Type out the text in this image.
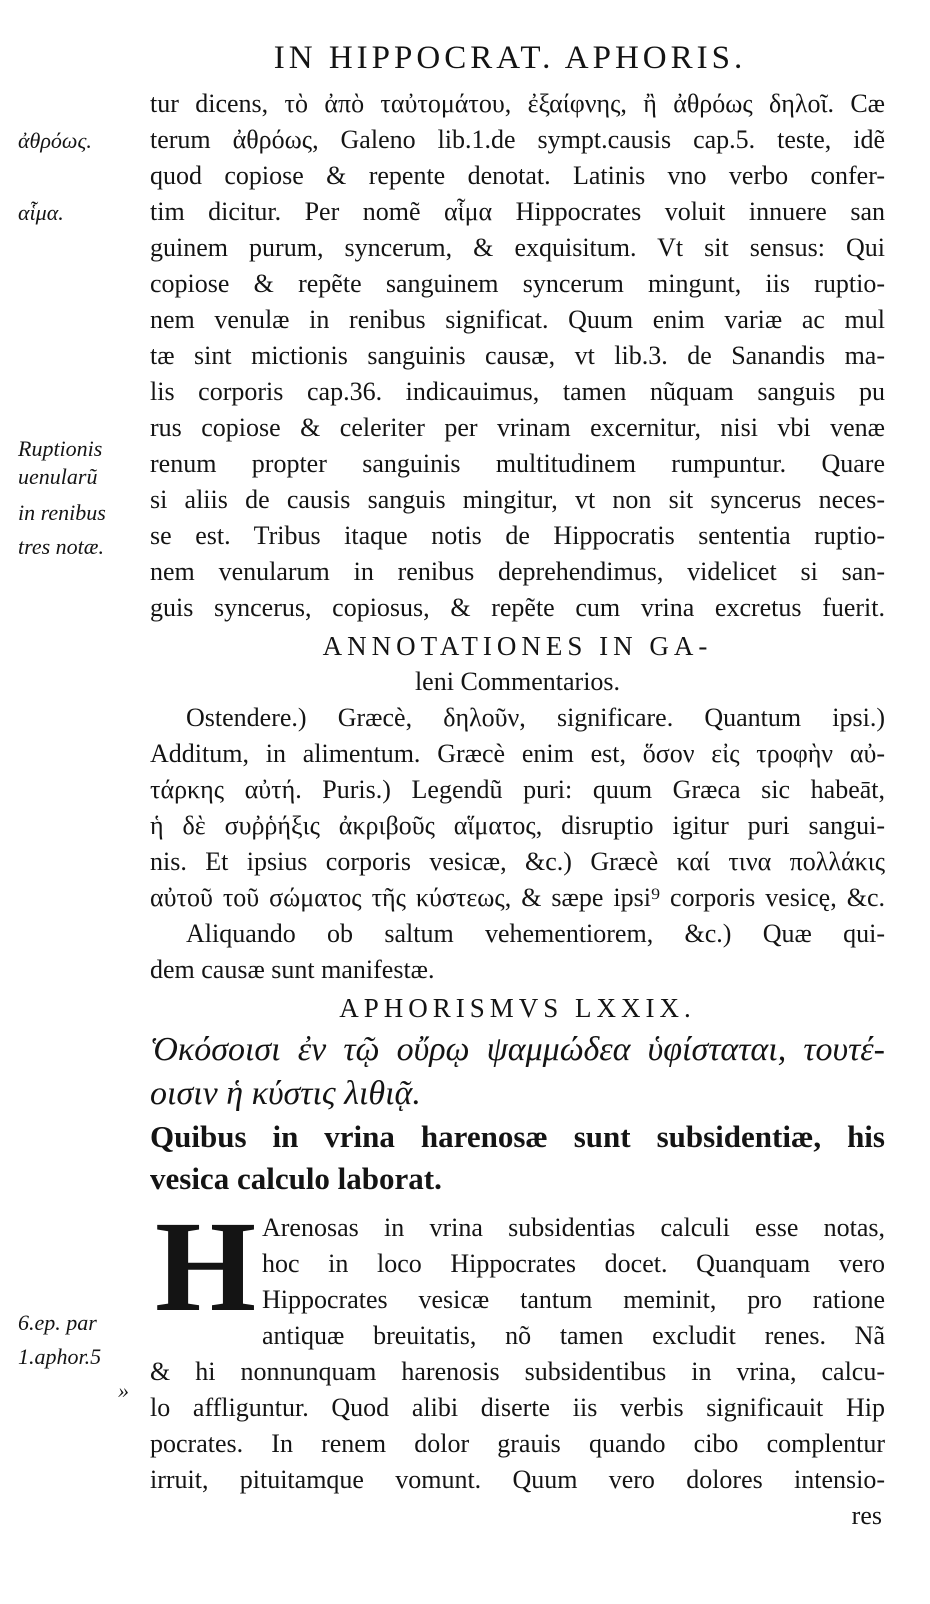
IN HIPPOCRAT. APHORIS.
ἀθρόως.
αἷμα.
Ruptionis
uenularũ
in renibus
tres notæ.
6.ep. par
1.aphor.5
»
tur dicens, τὸ ἀπὸ ταὐτομάτου, ἐξαίφνης, ἢ ἀθρόως δηλοῖ. Cæ
terum ἀθρόως, Galeno lib.1.de sympt.causis cap.5. teste, idẽ
quod copiose & repente denotat. Latinis vno verbo confer-
tim dicitur. Per nomẽ αἷμα Hippocrates voluit innuere san
guinem purum, syncerum, & exquisitum. Vt sit sensus: Qui
copiose & repẽte sanguinem syncerum mingunt, iis ruptio-
nem venulæ in renibus significat. Quum enim variæ ac mul
tæ sint mictionis sanguinis causæ, vt lib.3. de Sanandis ma-
lis corporis cap.36. indicauimus, tamen nũquam sanguis pu
rus copiose & celeriter per vrinam excernitur, nisi vbi venæ
renum propter sanguinis multitudinem rumpuntur. Quare
si aliis de causis sanguis mingitur, vt non sit syncerus neces-
se est. Tribus itaque notis de Hippocratis sententia ruptio-
nem venularum in renibus deprehendimus, videlicet si san-
guis syncerus, copiosus, & repẽte cum vrina excretus fuerit.
ANNOTATIONES IN GA-
leni Commentarios.
Ostendere.) Græcè, δηλοῦν, significare. Quantum ipsi.)
Additum, in alimentum. Græcè enim est, ὅσον εἰς τροφὴν αὐ-
τάρκης αὐτή. Puris.) Legendũ puri: quum Græca sic habeāt,
ἡ δὲ συῤῥήξις ἀκριβοῦς αἵματος, disruptio igitur puri sangui-
nis. Et ipsius corporis vesicæ, &c.) Græcè καί τινα πολλάκις
αὐτοῦ τοῦ σώματος τῆς κύστεως, & sæpe ipsi⁹ corporis vesicę, &c.
Aliquando ob saltum vehementiorem, &c.) Quæ qui-
dem causæ sunt manifestæ.
APHORISMVS LXXIX.
Ὁκόσοισι ἐν τῷ οὔρῳ ψαμμώδεα ὑφίσταται, τουτέ-
οισιν ἡ κύστις λιθιᾷ.
Quibus in vrina harenosæ sunt subsidentiæ, his
vesica calculo laborat.
H Arenosas in vrina subsidentias calculi esse notas,
hoc in loco Hippocrates docet. Quanquam vero
Hippocrates vesicæ tantum meminit, pro ratione
antiquæ breuitatis, nõ tamen excludit renes. Nã
& hi nonnunquam harenosis subsidentibus in vrina, calcu-
lo affliguntur. Quod alibi diserte iis verbis significauit Hip
pocrates. In renem dolor grauis quando cibo complentur
irruit, pituitamque vomunt. Quum vero dolores intensio-
res
